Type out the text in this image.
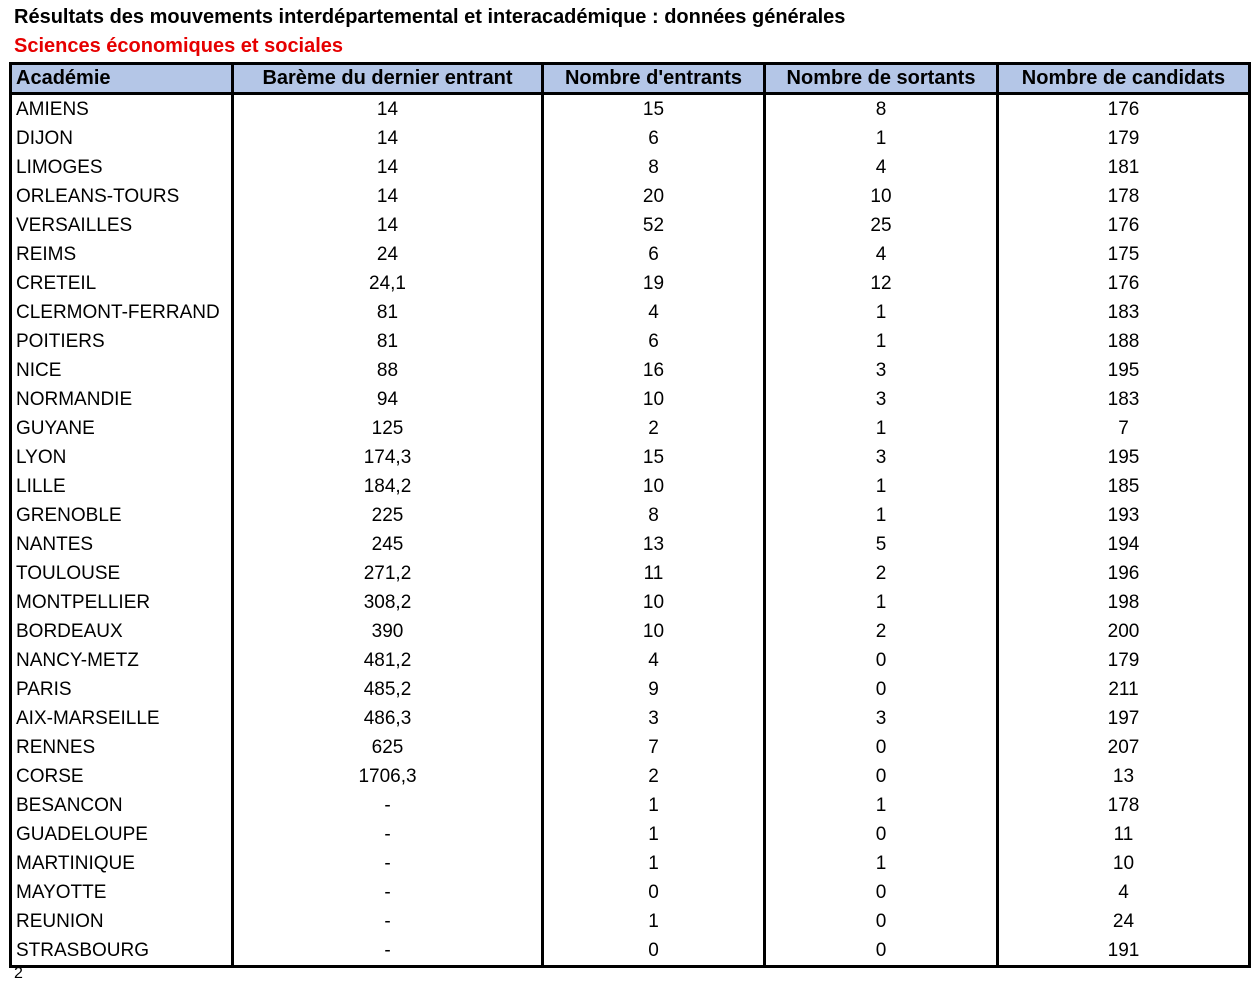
Résultats des mouvements interdépartemental et interacadémique : données générales
Sciences économiques et sociales
Académie	Barème du dernier entrant	Nombre d'entrants	Nombre de sortants	Nombre de candidats
AMIENS	14	15	8	176
DIJON	14	6	1	179
LIMOGES	14	8	4	181
ORLEANS-TOURS	14	20	10	178
VERSAILLES	14	52	25	176
REIMS	24	6	4	175
CRETEIL	24,1	19	12	176
CLERMONT-FERRAND	81	4	1	183
POITIERS	81	6	1	188
NICE	88	16	3	195
NORMANDIE	94	10	3	183
GUYANE	125	2	1	7
LYON	174,3	15	3	195
LILLE	184,2	10	1	185
GRENOBLE	225	8	1	193
NANTES	245	13	5	194
TOULOUSE	271,2	11	2	196
MONTPELLIER	308,2	10	1	198
BORDEAUX	390	10	2	200
NANCY-METZ	481,2	4	0	179
PARIS	485,2	9	0	211
AIX-MARSEILLE	486,3	3	3	197
RENNES	625	7	0	207
CORSE	1706,3	2	0	13
BESANCON	-	1	1	178
GUADELOUPE	-	1	0	11
MARTINIQUE	-	1	1	10
MAYOTTE	-	0	0	4
REUNION	-	1	0	24
STRASBOURG	-	0	0	191
2
